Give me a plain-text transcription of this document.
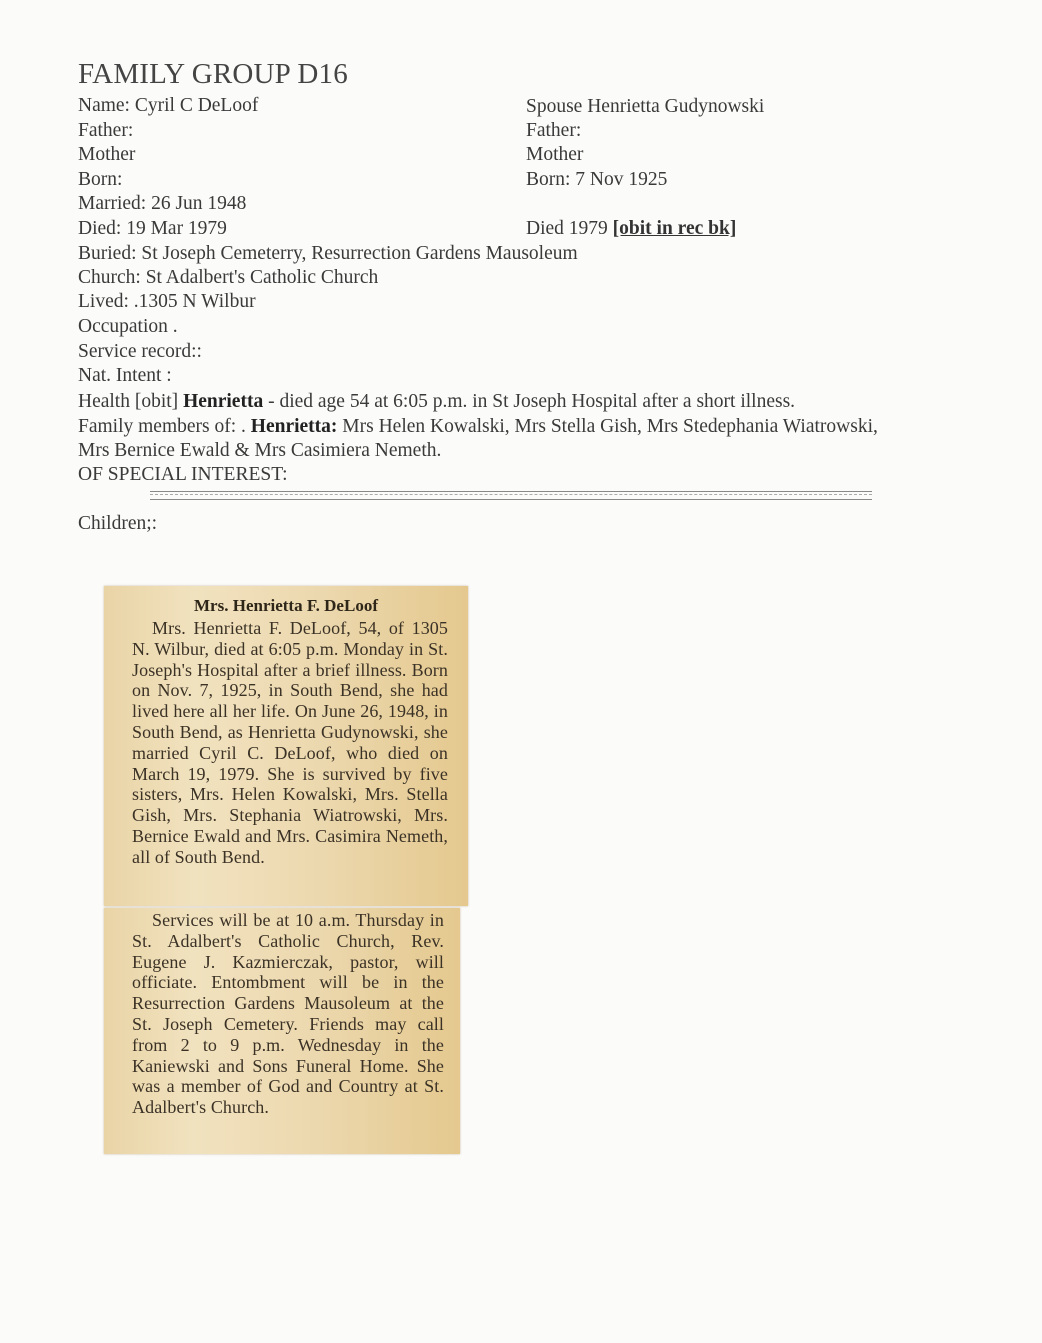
FAMILY GROUP D16
Name: Cyril C DeLoof	Spouse Henrietta Gudynowski
Father:	Father:
Mother	Mother
Born:	Born: 7 Nov 1925
Married: 26 Jun 1948
Died: 19 Mar 1979	Died 1979 [obit in rec bk]
Buried: St Joseph Cemeterry, Resurrection Gardens Mausoleum
Church: St Adalbert's Catholic Church
Lived: .1305 N Wilbur
Occupation .
Service record::
Nat. Intent :
Health [obit] Henrietta - died age 54 at 6:05 p.m. in St Joseph Hospital after a short illness.
Family members of: . Henrietta: Mrs Helen Kowalski, Mrs Stella Gish, Mrs Stedephania Wiatrowski,
Mrs Bernice Ewald & Mrs Casimiera Nemeth.
OF SPECIAL INTEREST:
Children;:
Mrs. Henrietta F. DeLoof
Mrs. Henrietta F. DeLoof, 54, of 1305 N. Wilbur, died at 6:05 p.m. Monday in St. Joseph's Hospital after a brief illness. Born on Nov. 7, 1925, in South Bend, she had lived here all her life. On June 26, 1948, in South Bend, as Henrietta Gudynowski, she married Cyril C. DeLoof, who died on March 19, 1979. She is survived by five sisters, Mrs. Helen Kowalski, Mrs. Stella Gish, Mrs. Stephania Wiatrowski, Mrs. Bernice Ewald and Mrs. Casimira Nemeth, all of South Bend.
Services will be at 10 a.m. Thursday in St. Adalbert's Catholic Church, Rev. Eugene J. Kazmierczak, pastor, will officiate. Entombment will be in the Resurrection Gardens Mausoleum at the St. Joseph Cemetery. Friends may call from 2 to 9 p.m. Wednesday in the Kaniewski and Sons Funeral Home. She was a member of God and Country at St. Adalbert's Church.
